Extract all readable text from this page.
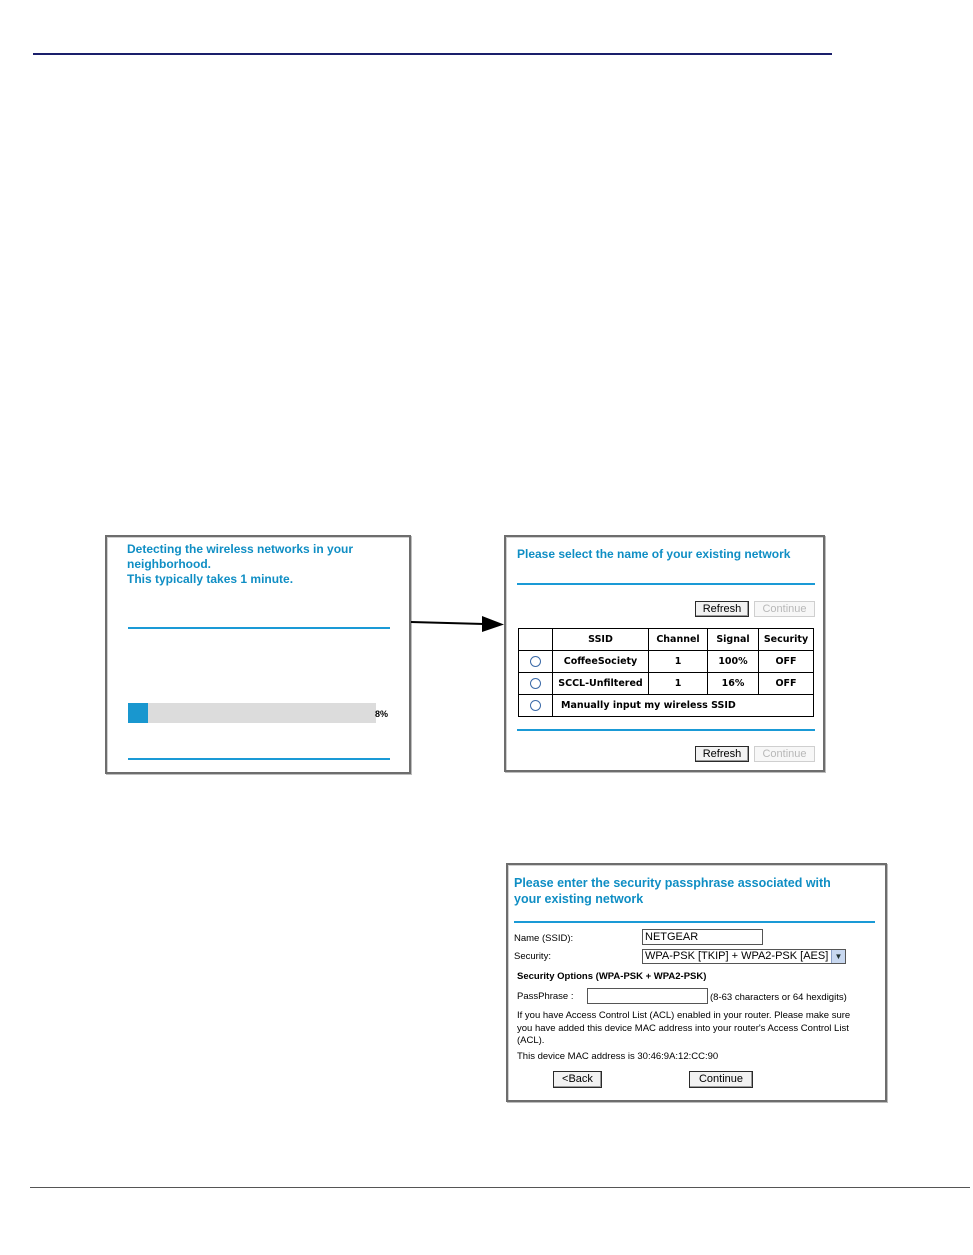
Detecting the wireless networks in your
neighborhood.
This typically takes 1 minute.
8%
Please select the name of your existing network
Refresh	Continue
	SSID	Channel	Signal	Security
	CoffeeSociety	1	100%	OFF
	SCCL-Unfiltered	1	16%	OFF
	Manually input my wireless SSID			
Refresh	Continue
Please enter the security passphrase associated with
your existing network
Name (SSID):	NETGEAR
Security:	WPA-PSK [TKIP] + WPA2-PSK [AES] ▼
Security Options (WPA-PSK + WPA2-PSK)
PassPhrase :	(8-63 characters or 64 hexdigits)
If you have Access Control List (ACL) enabled in your router. Please make sure
you have added this device MAC address into your router's Access Control List
(ACL).
This device MAC address is 30:46:9A:12:CC:90
<Back	Continue
